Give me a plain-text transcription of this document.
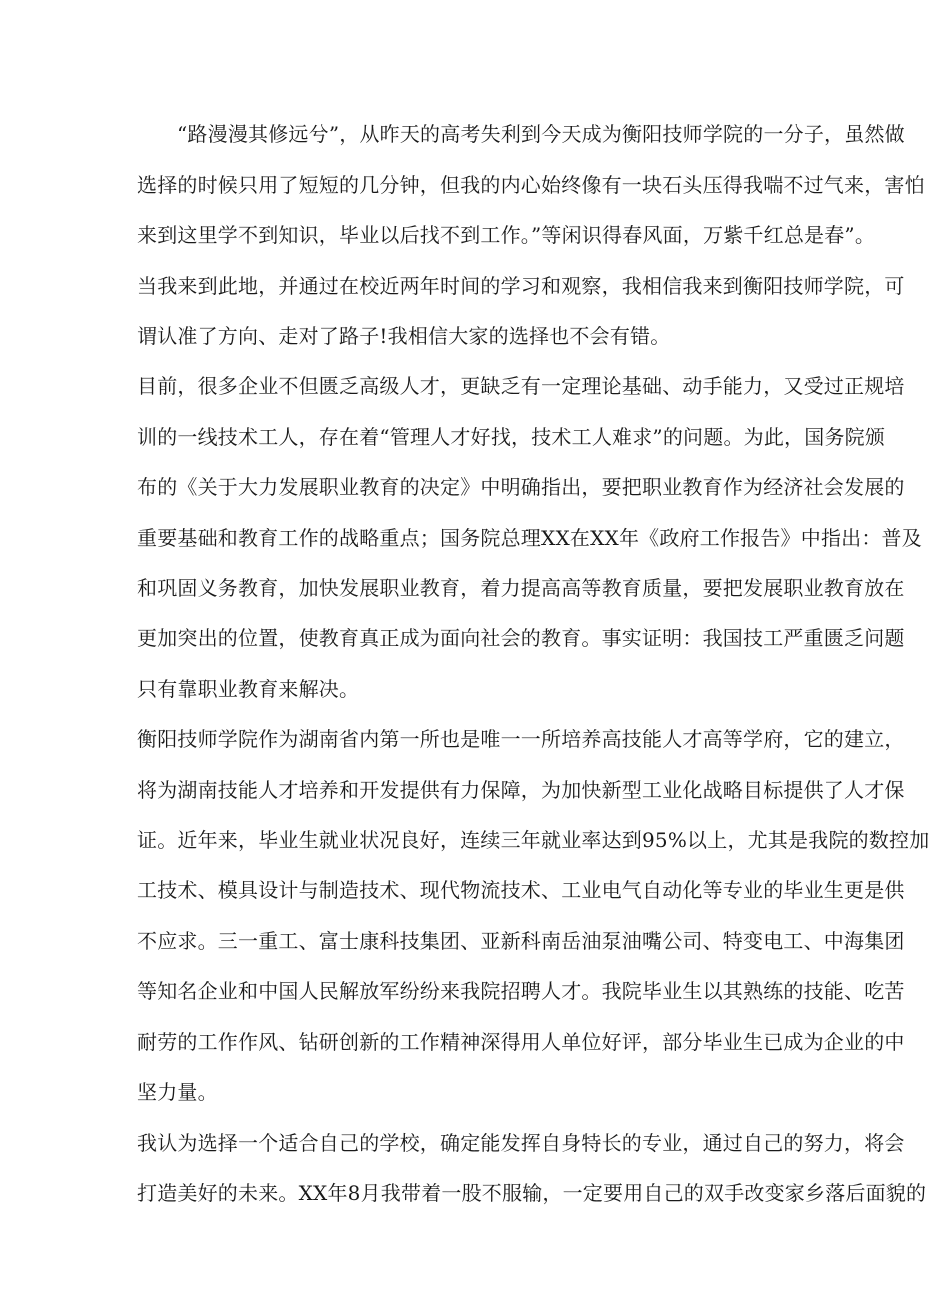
“路漫漫其修远兮”，从昨天的高考失利到今天成为衡阳技师学院的一分子，虽然做
选择的时候只用了短短的几分钟，但我的内心始终像有一块石头压得我喘不过气来，害怕
来到这里学不到知识，毕业以后找不到工作。”等闲识得春风面，万紫千红总是春”。
当我来到此地，并通过在校近两年时间的学习和观察，我相信我来到衡阳技师学院，可
谓认准了方向、走对了路子!我相信大家的选择也不会有错。
目前，很多企业不但匮乏高级人才，更缺乏有一定理论基础、动手能力，又受过正规培
训的一线技术工人，存在着“管理人才好找，技术工人难求”的问题。为此，国务院颁
布的《关于大力发展职业教育的决定》中明确指出，要把职业教育作为经济社会发展的
重要基础和教育工作的战略重点；国务院总理XX在XX年《政府工作报告》中指出：普及
和巩固义务教育，加快发展职业教育，着力提高高等教育质量，要把发展职业教育放在
更加突出的位置，使教育真正成为面向社会的教育。事实证明：我国技工严重匮乏问题
只有靠职业教育来解决。
衡阳技师学院作为湖南省内第一所也是唯一一所培养高技能人才高等学府，它的建立，
将为湖南技能人才培养和开发提供有力保障，为加快新型工业化战略目标提供了人才保
证。近年来，毕业生就业状况良好，连续三年就业率达到95%以上，尤其是我院的数控加
工技术、模具设计与制造技术、现代物流技术、工业电气自动化等专业的毕业生更是供
不应求。三一重工、富士康科技集团、亚新科南岳油泵油嘴公司、特变电工、中海集团
等知名企业和中国人民解放军纷纷来我院招聘人才。我院毕业生以其熟练的技能、吃苦
耐劳的工作作风、钻研创新的工作精神深得用人单位好评，部分毕业生已成为企业的中
坚力量。
我认为选择一个适合自己的学校，确定能发挥自身特长的专业，通过自己的努力，将会
打造美好的未来。XX年8月我带着一股不服输，一定要用自己的双手改变家乡落后面貌的
